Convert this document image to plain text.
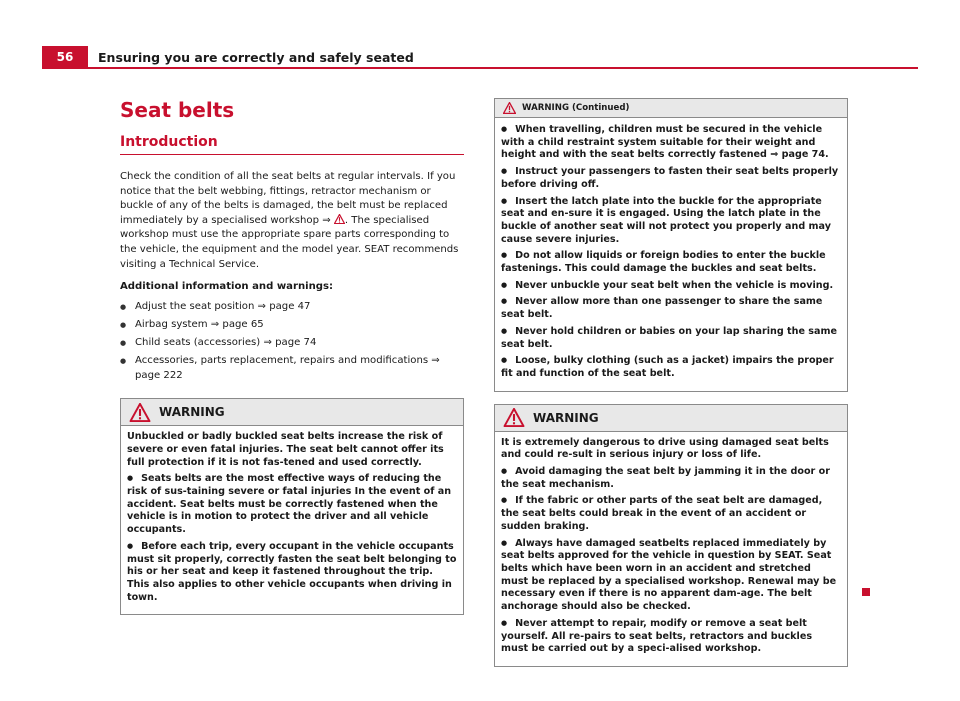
56	Ensuring you are correctly and safely seated
Seat belts
Introduction

Check the condition of all the seat belts at regular intervals. If you notice that the belt webbing, fittings, retractor mechanism or buckle of any of the belts is damaged, the belt must be replaced immediately by a specialised workshop ⇒ . The specialised workshop must use the appropriate spare parts corresponding to the vehicle, the equipment and the model year. SEAT recommends visiting a Technical Service.

Additional information and warnings:

● Adjust the seat position ⇒ page 47
● Airbag system ⇒ page 65
● Child seats (accessories) ⇒ page 74
● Accessories, parts replacement, repairs and modifications ⇒ page 222
WARNING

Unbuckled or badly buckled seat belts increase the risk of severe or even fatal injuries. The seat belt cannot offer its full protection if it is not fas-tened and used correctly.

● Seats belts are the most effective ways of reducing the risk of sus-taining severe or fatal injuries In the event of an accident. Seat belts must be correctly fastened when the vehicle is in motion to protect the driver and all vehicle occupants.

● Before each trip, every occupant in the vehicle occupants must sit properly, correctly fasten the seat belt belonging to his or her seat and keep it fastened throughout the trip. This also applies to other vehicle occupants when driving in town.

WARNING (Continued)

● When travelling, children must be secured in the vehicle with a child restraint system suitable for their weight and height and with the seat belts correctly fastened ⇒ page 74.

● Instruct your passengers to fasten their seat belts properly before driving off.

● Insert the latch plate into the buckle for the appropriate seat and en-sure it is engaged. Using the latch plate in the buckle of another seat will not protect you properly and may cause severe injuries.

● Do not allow liquids or foreign bodies to enter the buckle fastenings. This could damage the buckles and seat belts.

● Never unbuckle your seat belt when the vehicle is moving.

● Never allow more than one passenger to share the same seat belt.

● Never hold children or babies on your lap sharing the same seat belt.

● Loose, bulky clothing (such as a jacket) impairs the proper fit and function of the seat belt.

WARNING

It is extremely dangerous to drive using damaged seat belts and could re-sult in serious injury or loss of life.

● Avoid damaging the seat belt by jamming it in the door or the seat mechanism.

● If the fabric or other parts of the seat belt are damaged, the seat belts could break in the event of an accident or sudden braking.

● Always have damaged seatbelts replaced immediately by seat belts approved for the vehicle in question by SEAT. Seat belts which have been worn in an accident and stretched must be replaced by a specialised workshop. Renewal may be necessary even if there is no apparent dam-age. The belt anchorage should also be checked.

● Never attempt to repair, modify or remove a seat belt yourself. All re-pairs to seat belts, retractors and buckles must be carried out by a speci-alised workshop.
